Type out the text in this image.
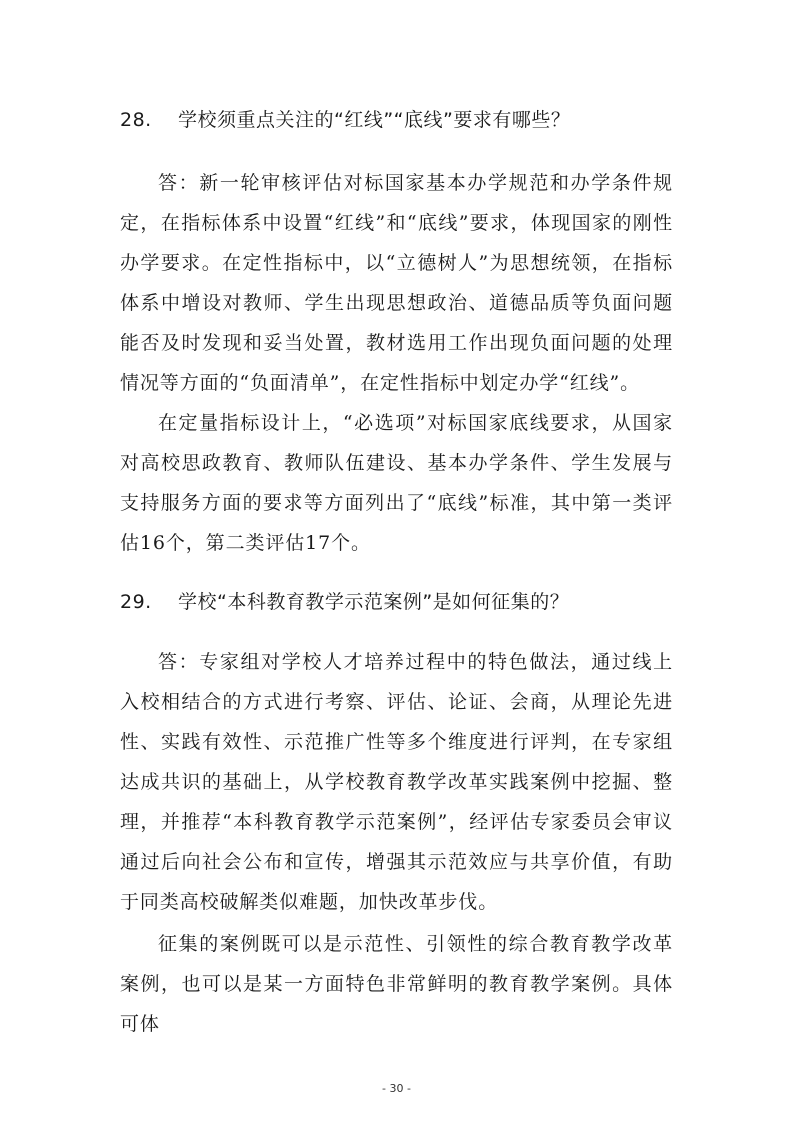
28. 学校须重点关注的“红线”“底线”要求有哪些？

答：新一轮审核评估对标国家基本办学规范和办学条件规定，在指标体系中设置“红线”和“底线”要求，体现国家的刚性办学要求。在定性指标中，以“立德树人”为思想统领，在指标体系中增设对教师、学生出现思想政治、道德品质等负面问题能否及时发现和妥当处置，教材选用工作出现负面问题的处理情况等方面的“负面清单”，在定性指标中划定办学“红线”。

在定量指标设计上，“必选项”对标国家底线要求，从国家对高校思政教育、教师队伍建设、基本办学条件、学生发展与支持服务方面的要求等方面列出了“底线”标准，其中第一类评估16个，第二类评估17个。

29. 学校“本科教育教学示范案例”是如何征集的？

答：专家组对学校人才培养过程中的特色做法，通过线上入校相结合的方式进行考察、评估、论证、会商，从理论先进性、实践有效性、示范推广性等多个维度进行评判，在专家组达成共识的基础上，从学校教育教学改革实践案例中挖掘、整理，并推荐“本科教育教学示范案例”，经评估专家委员会审议通过后向社会公布和宣传，增强其示范效应与共享价值，有助于同类高校破解类似难题，加快改革步伐。

征集的案例既可以是示范性、引领性的综合教育教学改革案例，也可以是某一方面特色非常鲜明的教育教学案例。具体可体

- 30 -
